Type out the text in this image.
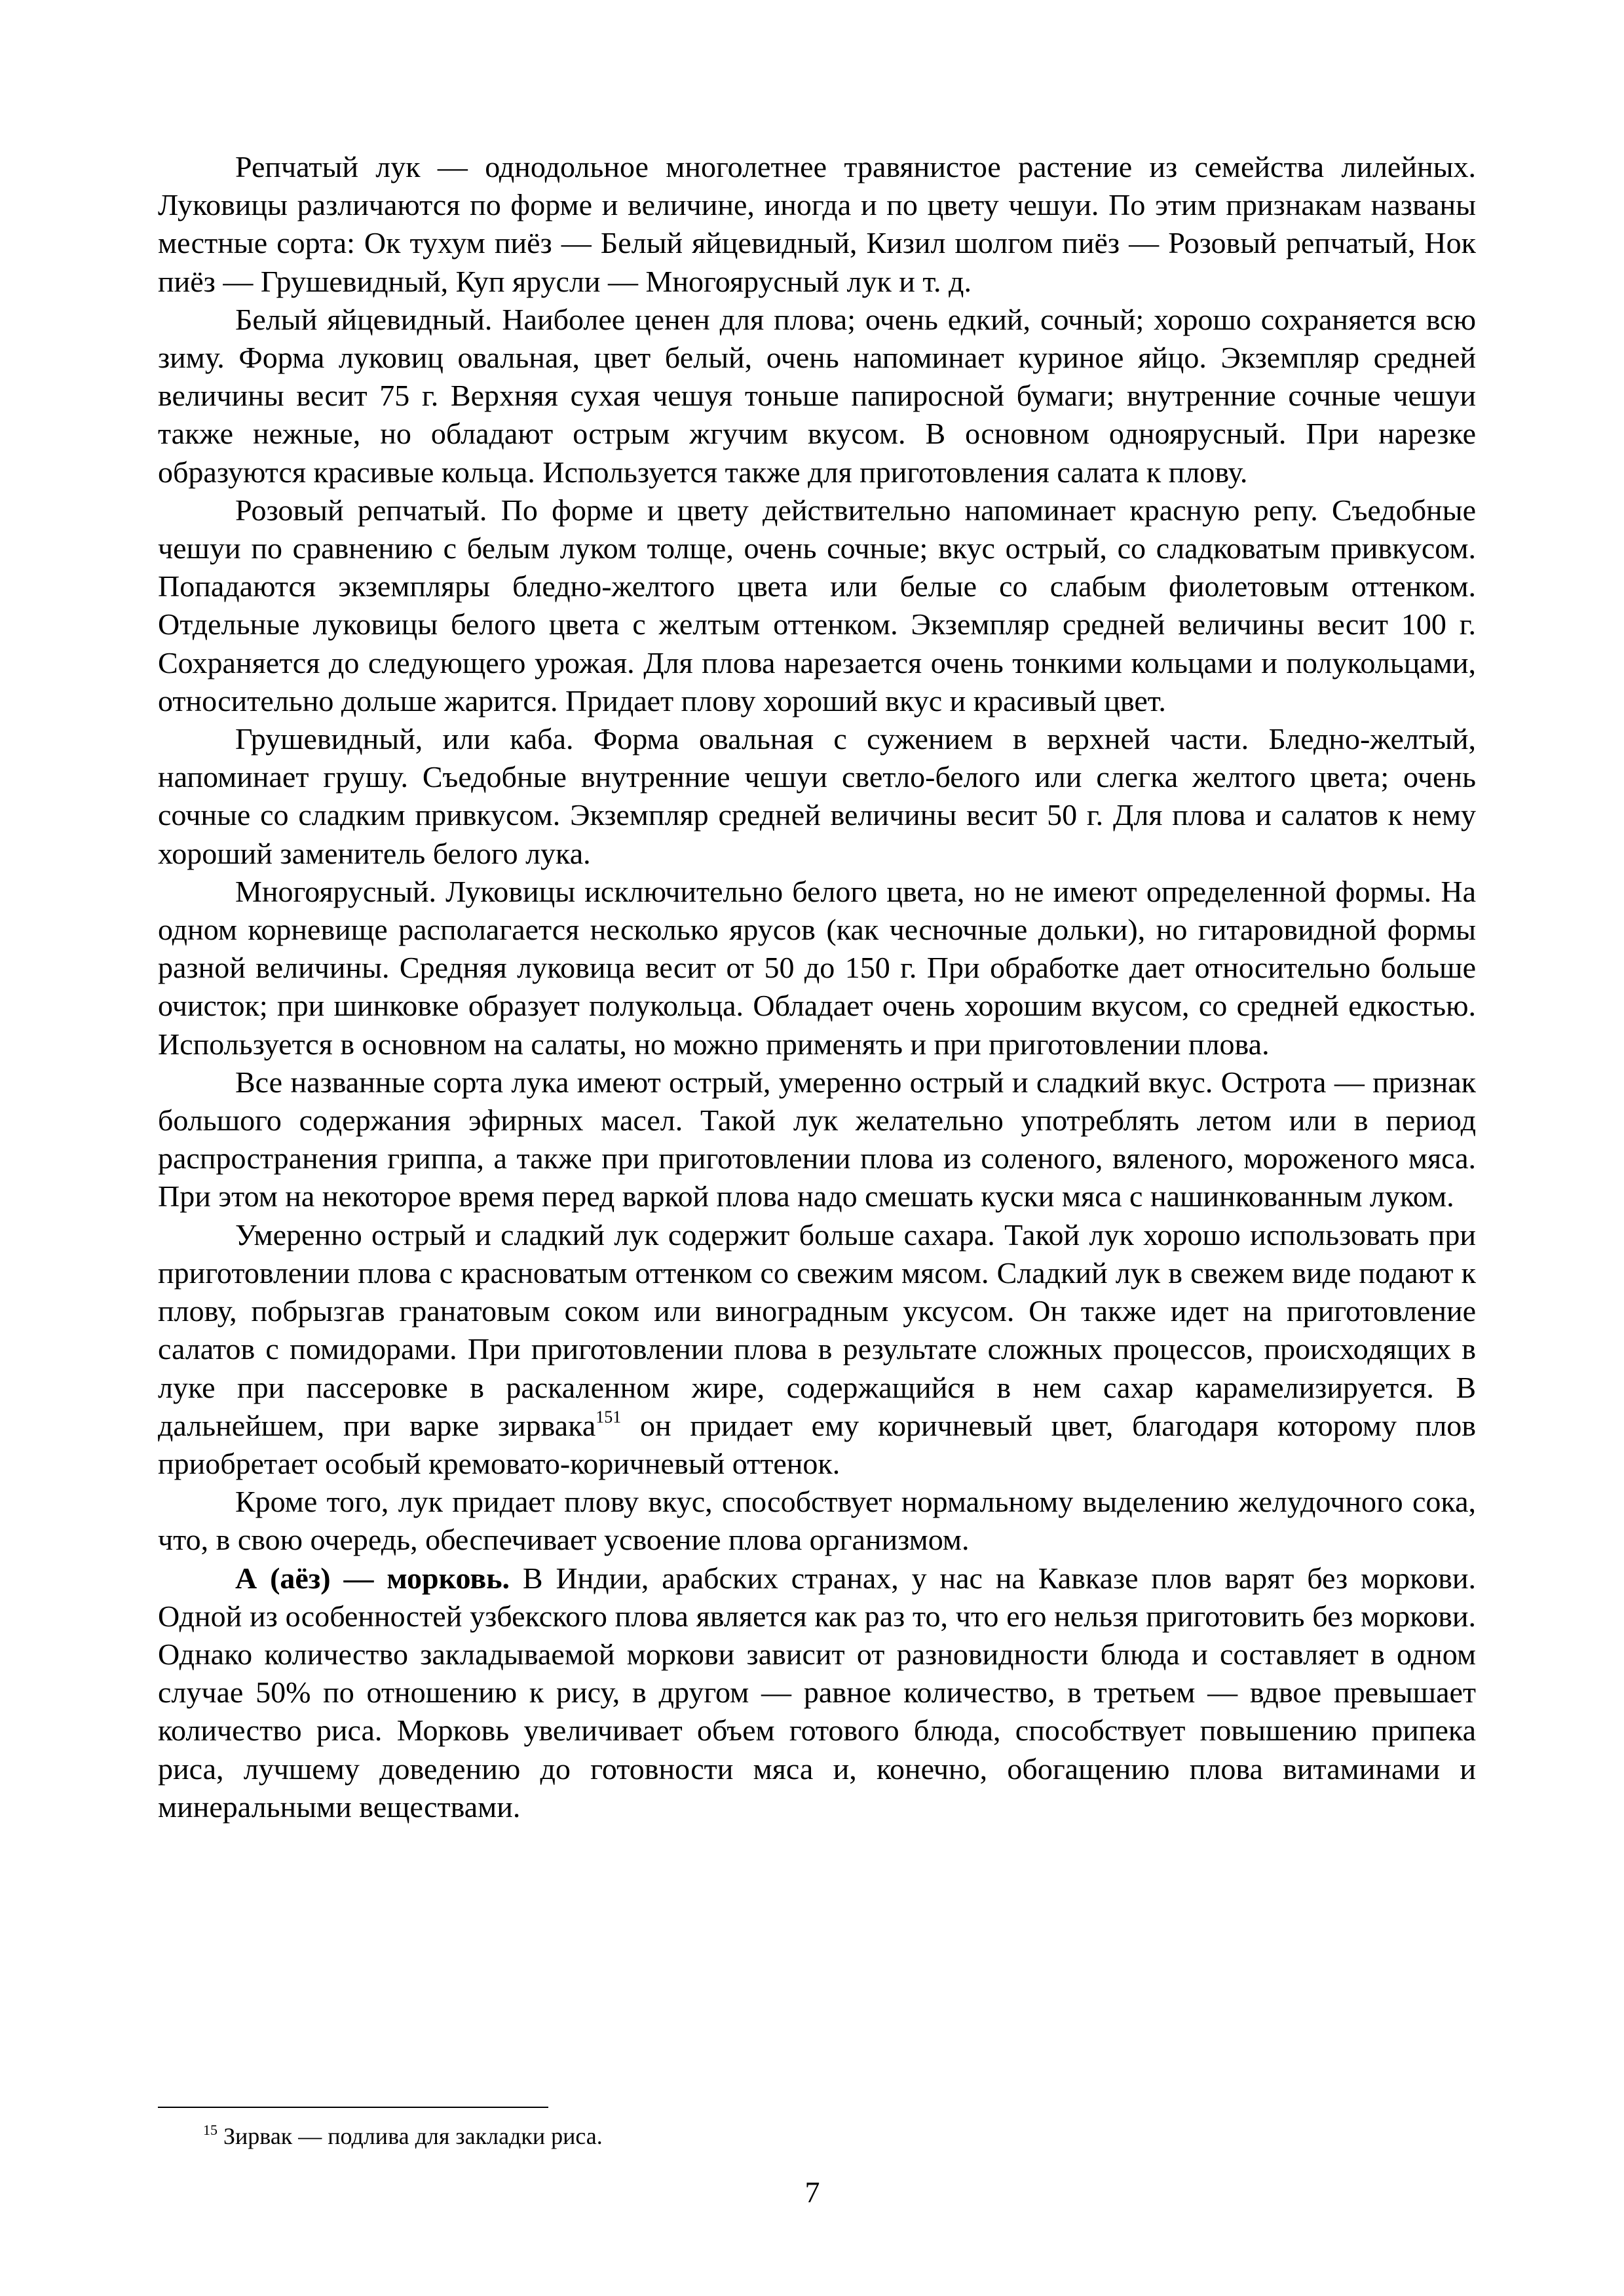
Репчатый лук — однодольное многолетнее травянистое растение из семейства лилейных. Луковицы различаются по форме и величине, иногда и по цвету чешуи. По этим признакам названы местные сорта: Ок тухум пиёз — Белый яйцевидный, Кизил шолгом пиёз — Розовый репчатый, Нок пиёз — Грушевидный, Куп ярусли — Многоярусный лук и т. д.

Белый яйцевидный. Наиболее ценен для плова; очень едкий, сочный; хорошо сохраняется всю зиму. Форма луковиц овальная, цвет белый, очень напоминает куриное яйцо. Экземпляр средней величины весит 75 г. Верхняя сухая чешуя тоньше папиросной бумаги; внутренние сочные чешуи также нежные, но обладают острым жгучим вкусом. В основном одноярусный. При нарезке образуются красивые кольца. Используется также для приготовления салата к плову.

Розовый репчатый. По форме и цвету действительно напоминает красную репу. Съедобные чешуи по сравнению с белым луком толще, очень сочные; вкус острый, со сладковатым привкусом. Попадаются экземпляры бледно-желтого цвета или белые со слабым фиолетовым оттенком. Отдельные луковицы белого цвета с желтым оттенком. Экземпляр средней величины весит 100 г. Сохраняется до следующего урожая. Для плова нарезается очень тонкими кольцами и полукольцами, относительно дольше жарится. Придает плову хороший вкус и красивый цвет.

Грушевидный, или каба. Форма овальная с сужением в верхней части. Бледно-желтый, напоминает грушу. Съедобные внутренние чешуи светло-белого или слегка желтого цвета; очень сочные со сладким привкусом. Экземпляр средней величины весит 50 г. Для плова и салатов к нему хороший заменитель белого лука.

Многоярусный. Луковицы исключительно белого цвета, но не имеют определенной формы. На одном корневище располагается несколько ярусов (как чесночные дольки), но гитаровидной формы разной величины. Средняя луковица весит от 50 до 150 г. При обработке дает относительно больше очисток; при шинковке образует полукольца. Обладает очень хорошим вкусом, со средней едкостью. Используется в основном на салаты, но можно применять и при приготовлении плова.

Все названные сорта лука имеют острый, умеренно острый и сладкий вкус. Острота — признак большого содержания эфирных масел. Такой лук желательно употреблять летом или в период распространения гриппа, а также при приготовлении плова из соленого, вяленого, мороженого мяса. При этом на некоторое время перед варкой плова надо смешать куски мяса с нашинкованным луком.

Умеренно острый и сладкий лук содержит больше сахара. Такой лук хорошо использовать при приготовлении плова с красноватым оттенком со свежим мясом. Сладкий лук в свежем виде подают к плову, побрызгав гранатовым соком или виноградным уксусом. Он также идет на приготовление салатов с помидорами. При приготовлении плова в результате сложных процессов, происходящих в луке при пассеровке в раскаленном жире, содержащийся в нем сахар карамелизируется. В дальнейшем, при варке зирвака$^{151}$ он придает ему коричневый цвет, благодаря которому плов приобретает особый кремовато-коричневый оттенок.

Кроме того, лук придает плову вкус, способствует нормальному выделению желудочного сока, что, в свою очередь, обеспечивает усвоение плова организмом.

А (аёз) — морковь. В Индии, арабских странах, у нас на Кавказе плов варят без моркови. Одной из особенностей узбекского плова является как раз то, что его нельзя приготовить без моркови. Однако количество закладываемой моркови зависит от разновидности блюда и составляет в одном случае 50% по отношению к рису, в другом — равное количество, в третьем — вдвое превышает количество риса. Морковь увеличивает объем готового блюда, способствует повышению припека риса, лучшему доведению до готовности мяса и, конечно, обогащению плова витаминами и минеральными веществами.

$^{15}$ Зирвак — подлива для закладки риса.
7
